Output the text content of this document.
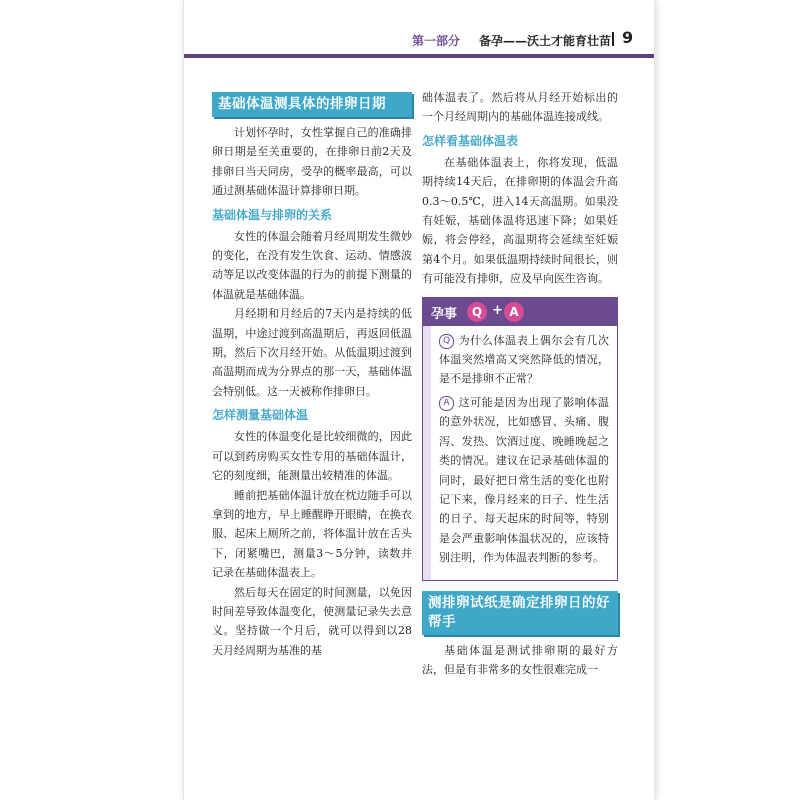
第一部分 备孕——沃土才能育壮苗 9
基础体温测具体的排卵日期

计划怀孕时，女性掌握自己的准确排卵日期是至关重要的，在排卵日前2天及排卵日当天同房，受孕的概率最高，可以通过测基础体温计算排卵日期。

基础体温与排卵的关系

女性的体温会随着月经周期发生微妙的变化，在没有发生饮食、运动、情感波动等足以改变体温的行为的前提下测量的体温就是基础体温。

月经期和月经后的7天内是持续的低温期，中途过渡到高温期后，再返回低温期，然后下次月经开始。从低温期过渡到高温期而成为分界点的那一天，基础体温会特别低。这一天被称作排卵日。

怎样测量基础体温

女性的体温变化是比较细微的，因此可以到药房购买女性专用的基础体温计，它的刻度细，能测量出较精准的体温。

睡前把基础体温计放在枕边随手可以拿到的地方，早上睡醒睁开眼睛，在换衣服、起床上厕所之前，将体温计放在舌头下，闭紧嘴巴，测量3～5分钟，读数并记录在基础体温表上。

然后每天在固定的时间测量，以免因时间差导致体温变化，使测量记录失去意义。坚持做一个月后，就可以得到以28天月经周期为基准的基

础体温表了。然后将从月经开始标出的一个月经周期内的基础体温连接成线。

怎样看基础体温表

在基础体温表上，你将发现，低温期持续14天后，在排卵期的体温会升高0.3～0.5℃，进入14天高温期。如果没有妊娠，基础体温将迅速下降；如果妊娠，将会停经，高温期将会延续至妊娠第4个月。如果低温期持续时间很长，则有可能没有排卵，应及早向医生咨询。

孕事	Q + A

Q 为什么体温表上偶尔会有几次体温突然增高又突然降低的情况，是不是排卵不正常？

A 这可能是因为出现了影响体温的意外状况，比如感冒、头痛、腹泻、发热、饮酒过度、晚睡晚起之类的情况。建议在记录基础体温的同时，最好把日常生活的变化也附记下来，像月经来的日子、性生活的日子、每天起床的时间等，特别是会严重影响体温状况的，应该特别注明，作为体温表判断的参考。

测排卵试纸是确定排卵日的好帮手

基础体温是测试排卵期的最好方法，但是有非常多的女性很难完成一
